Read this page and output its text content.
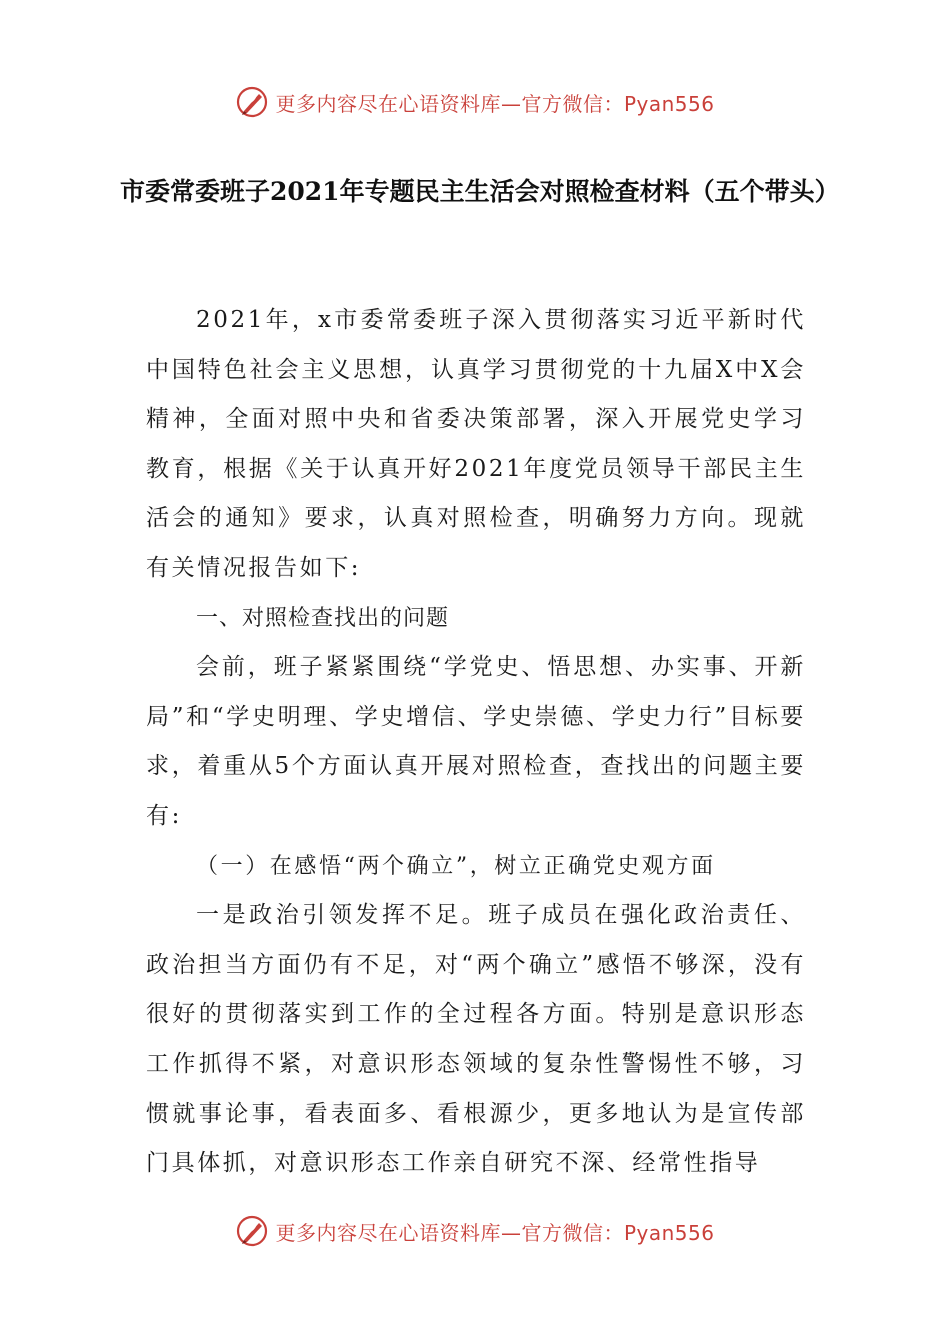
更多内容尽在心语资料库—官方微信：Pyan556
市委常委班子2021年专题民主生活会对照检查材料（五个带头）

2021年，x市委常委班子深入贯彻落实习近平新时代中国特色社会主义思想，认真学习贯彻党的十九届X中X会精神，全面对照中央和省委决策部署，深入开展党史学习教育，根据《关于认真开好2021年度党员领导干部民主生活会的通知》要求，认真对照检查，明确努力方向。现就有关情况报告如下:

一、对照检查找出的问题

会前，班子紧紧围绕“学党史、悟思想、办实事、开新局”和“学史明理、学史增信、学史崇德、学史力行”目标要求，着重从5个方面认真开展对照检查，查找出的问题主要有:

（一）在感悟“两个确立”，树立正确党史观方面

一是政治引领发挥不足。班子成员在强化政治责任、政治担当方面仍有不足，对“两个确立”感悟不够深，没有很好的贯彻落实到工作的全过程各方面。特别是意识形态工作抓得不紧，对意识形态领域的复杂性警惕性不够，习惯就事论事，看表面多、看根源少，更多地认为是宣传部门具体抓，对意识形态工作亲自研究不深、经常性指导

更多内容尽在心语资料库—官方微信：Pyan556
